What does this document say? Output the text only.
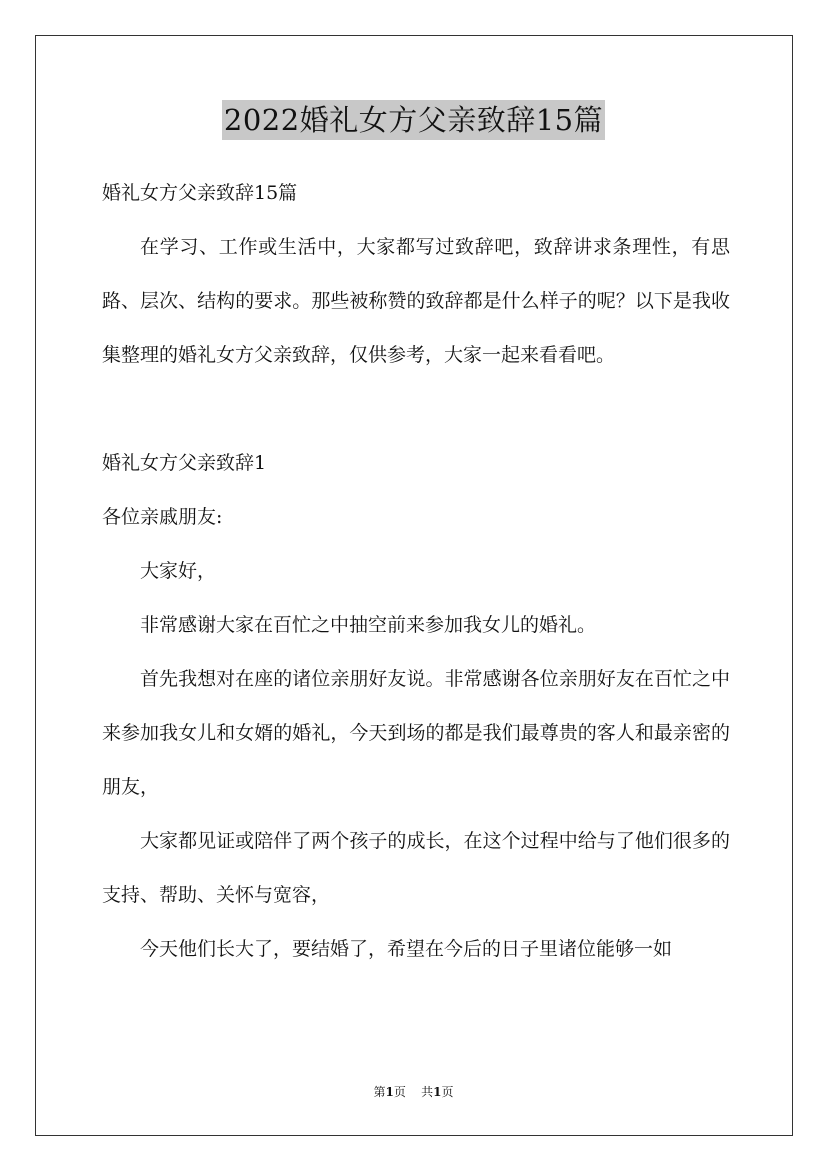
2022婚礼女方父亲致辞15篇

婚礼女方父亲致辞15篇

在学习、工作或生活中，大家都写过致辞吧，致辞讲求条理性，有思路、层次、结构的要求。那些被称赞的致辞都是什么样子的呢？以下是我收集整理的婚礼女方父亲致辞，仅供参考，大家一起来看看吧。

婚礼女方父亲致辞1

各位亲戚朋友:

大家好，

非常感谢大家在百忙之中抽空前来参加我女儿的婚礼。

首先我想对在座的诸位亲朋好友说。非常感谢各位亲朋好友在百忙之中来参加我女儿和女婿的婚礼，今天到场的都是我们最尊贵的客人和最亲密的朋友，

大家都见证或陪伴了两个孩子的成长，在这个过程中给与了他们很多的支持、帮助、关怀与宽容，

今天他们长大了，要结婚了，希望在今后的日子里诸位能够一如

第1页 共1页
